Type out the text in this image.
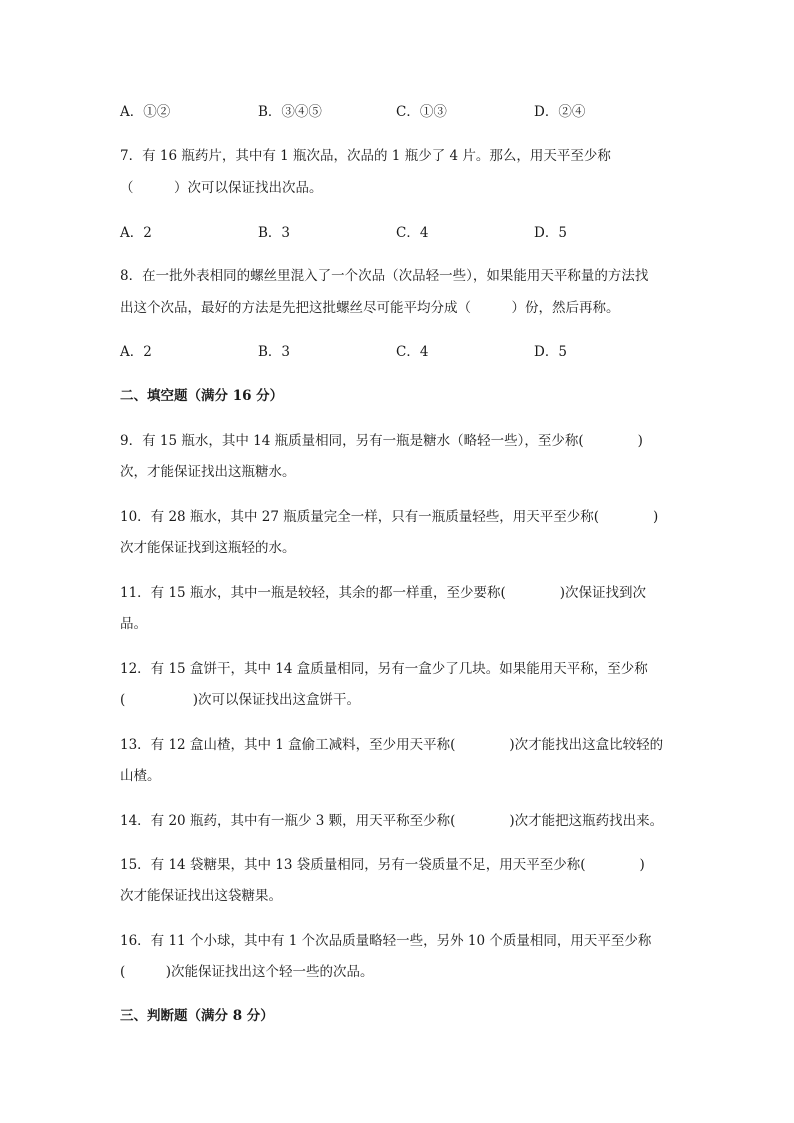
A．①②	B．③④⑤	C．①③	D．②④
7．有 16 瓶药片，其中有 1 瓶次品，次品的 1 瓶少了 4 片。那么，用天平至少称
（　　　）次可以保证找出次品。
A．2	B．3	C．4	D．5
8．在一批外表相同的螺丝里混入了一个次品（次品轻一些），如果能用天平称量的方法找
出这个次品，最好的方法是先把这批螺丝尽可能平均分成（　　　）份，然后再称。
A．2	B．3	C．4	D．5
二、填空题（满分 16 分）
9．有 15 瓶水，其中 14 瓶质量相同，另有一瓶是糖水（略轻一些），至少称(　　　　)
次，才能保证找出这瓶糖水。
10．有 28 瓶水，其中 27 瓶质量完全一样，只有一瓶质量轻些，用天平至少称(　　　　)
次才能保证找到这瓶轻的水。
11．有 15 瓶水，其中一瓶是较轻，其余的都一样重，至少要称(　　　　)次保证找到次
品。
12．有 15 盒饼干，其中 14 盒质量相同，另有一盒少了几块。如果能用天平称，至少称
(　　　　　)次可以保证找出这盒饼干。
13．有 12 盒山楂，其中 1 盒偷工减料，至少用天平称(　　　　)次才能找出这盒比较轻的
山楂。
14．有 20 瓶药，其中有一瓶少 3 颗，用天平称至少称(　　　　)次才能把这瓶药找出来。
15．有 14 袋糖果，其中 13 袋质量相同，另有一袋质量不足，用天平至少称(　　　　)
次才能保证找出这袋糖果。
16．有 11 个小球，其中有 1 个次品质量略轻一些，另外 10 个质量相同，用天平至少称
(　　　)次能保证找出这个轻一些的次品。
三、判断题（满分 8 分）
